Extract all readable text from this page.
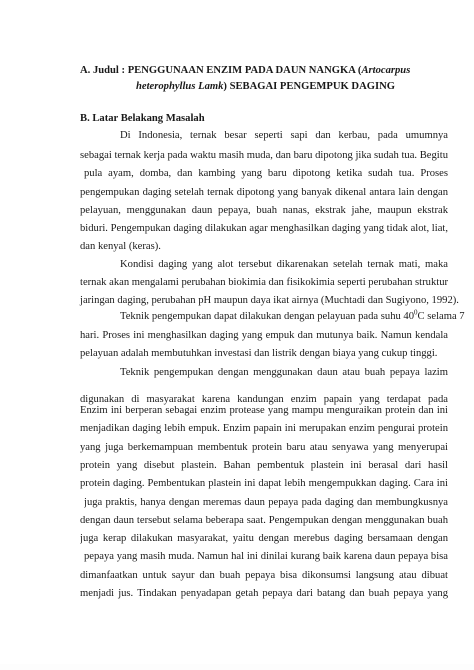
A. Judul : PENGGUNAAN ENZIM PADA DAUN NANGKA (Artocarpus
heterophyllus Lamk) SEBAGAI PENGEMPUK DAGING
B. Latar Belakang Masalah
Di Indonesia, ternak besar seperti sapi dan kerbau, pada umumnya
sebagai ternak kerja pada waktu masih muda, dan baru dipotong jika sudah tua. Begitu
pula ayam, domba, dan kambing yang baru dipotong ketika sudah tua. Proses
pengempukan daging setelah ternak dipotong yang banyak dikenal antara lain dengan
pelayuan, menggunakan daun pepaya, buah nanas, ekstrak jahe, maupun ekstrak
biduri. Pengempukan daging dilakukan agar menghasilkan daging yang tidak alot, liat,
dan kenyal (keras).
Kondisi daging yang alot tersebut dikarenakan setelah ternak mati, maka
ternak akan mengalami perubahan biokimia dan fisikokimia seperti perubahan struktur
jaringan daging, perubahan pH maupun daya ikat airnya (Muchtadi dan Sugiyono, 1992).
Teknik pengempukan dapat dilakukan dengan pelayuan pada suhu $40^0C$ selama 7
hari. Proses ini menghasilkan daging yang empuk dan mutunya baik. Namun kendala
pelayuan adalah membutuhkan investasi dan listrik dengan biaya yang cukup tinggi.
Teknik pengempukan dengan menggunakan daun atau buah pepaya lazim
digunakan di masyarakat karena kandungan enzim papain yang terdapat pada
Enzim ini berperan sebagai enzim protease yang mampu menguraikan protein dan ini
menjadikan daging lebih empuk. Enzim papain ini merupakan enzim pengurai protein
yang juga berkemampuan membentuk protein baru atau senyawa yang menyerupai
protein yang disebut plastein. Bahan pembentuk plastein ini berasal dari hasil
protein daging. Pembentukan plastein ini dapat lebih mengempukkan daging. Cara ini
juga praktis, hanya dengan meremas daun pepaya pada daging dan membungkusnya
dengan daun tersebut selama beberapa saat. Pengempukan dengan menggunakan buah
juga kerap dilakukan masyarakat, yaitu dengan merebus daging bersamaan dengan
pepaya yang masih muda. Namun hal ini dinilai kurang baik karena daun pepaya bisa
dimanfaatkan untuk sayur dan buah pepaya bisa dikonsumsi langsung atau dibuat
menjadi jus. Tindakan penyadapan getah pepaya dari batang dan buah pepaya yang
